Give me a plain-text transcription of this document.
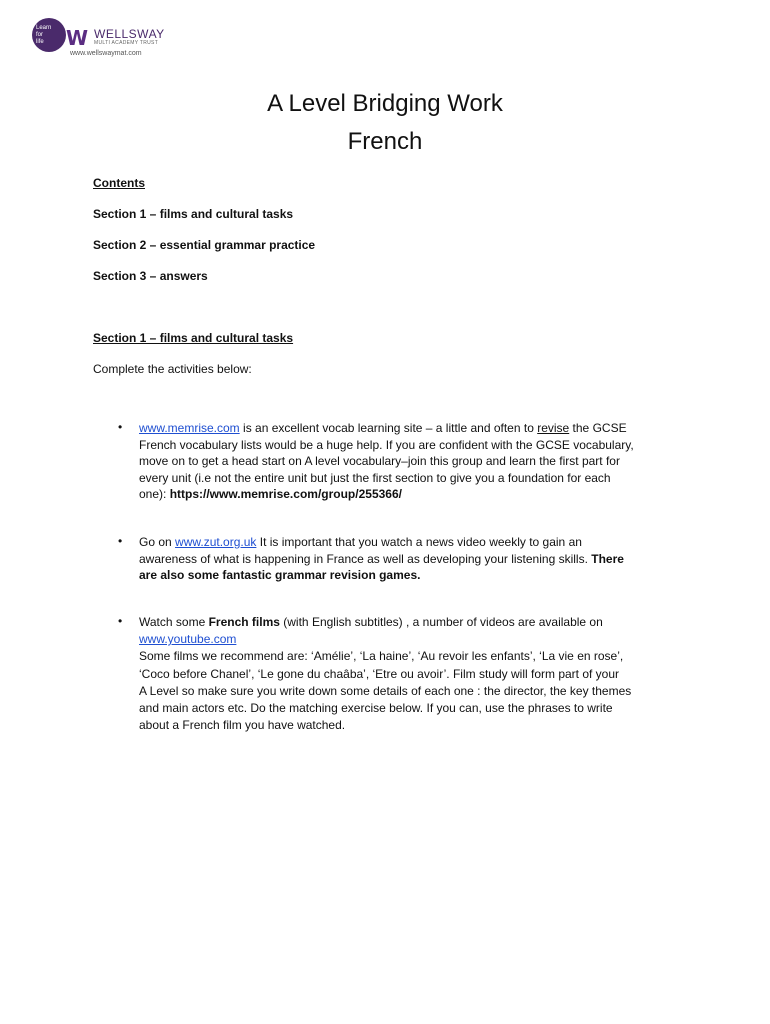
Learn
for
life	W WELLSWAY
MULTI ACADEMY TRUST
www.wellswaymat.com
A Level Bridging Work
French

Contents

Section 1 – films and cultural tasks

Section 2 – essential grammar practice

Section 3 – answers

Section 1 – films and cultural tasks

Complete the activities below:

• www.memrise.com is an excellent vocab learning site – a little and often to revise the GCSE
French vocabulary lists would be a huge help. If you are confident with the GCSE vocabulary,
move on to get a head start on A level vocabulary–join this group and learn the first part for
every unit (i.e not the entire unit but just the first section to give you a foundation for each
one): https://www.memrise.com/group/255366/
• Go on www.zut.org.uk It is important that you watch a news video weekly to gain an
awareness of what is happening in France as well as developing your listening skills. There
are also some fantastic grammar revision games.
• Watch some French films (with English subtitles) , a number of videos are available on
www.youtube.com
Some films we recommend are: ‘Amélie’, ‘La haine’, ‘Au revoir les enfants’, ‘La vie en rose’,
‘Coco before Chanel’, ‘Le gone du chaâba’, ‘Etre ou avoir’. Film study will form part of your
A Level so make sure you write down some details of each one : the director, the key themes
and main actors etc. Do the matching exercise below. If you can, use the phrases to write
about a French film you have watched.
